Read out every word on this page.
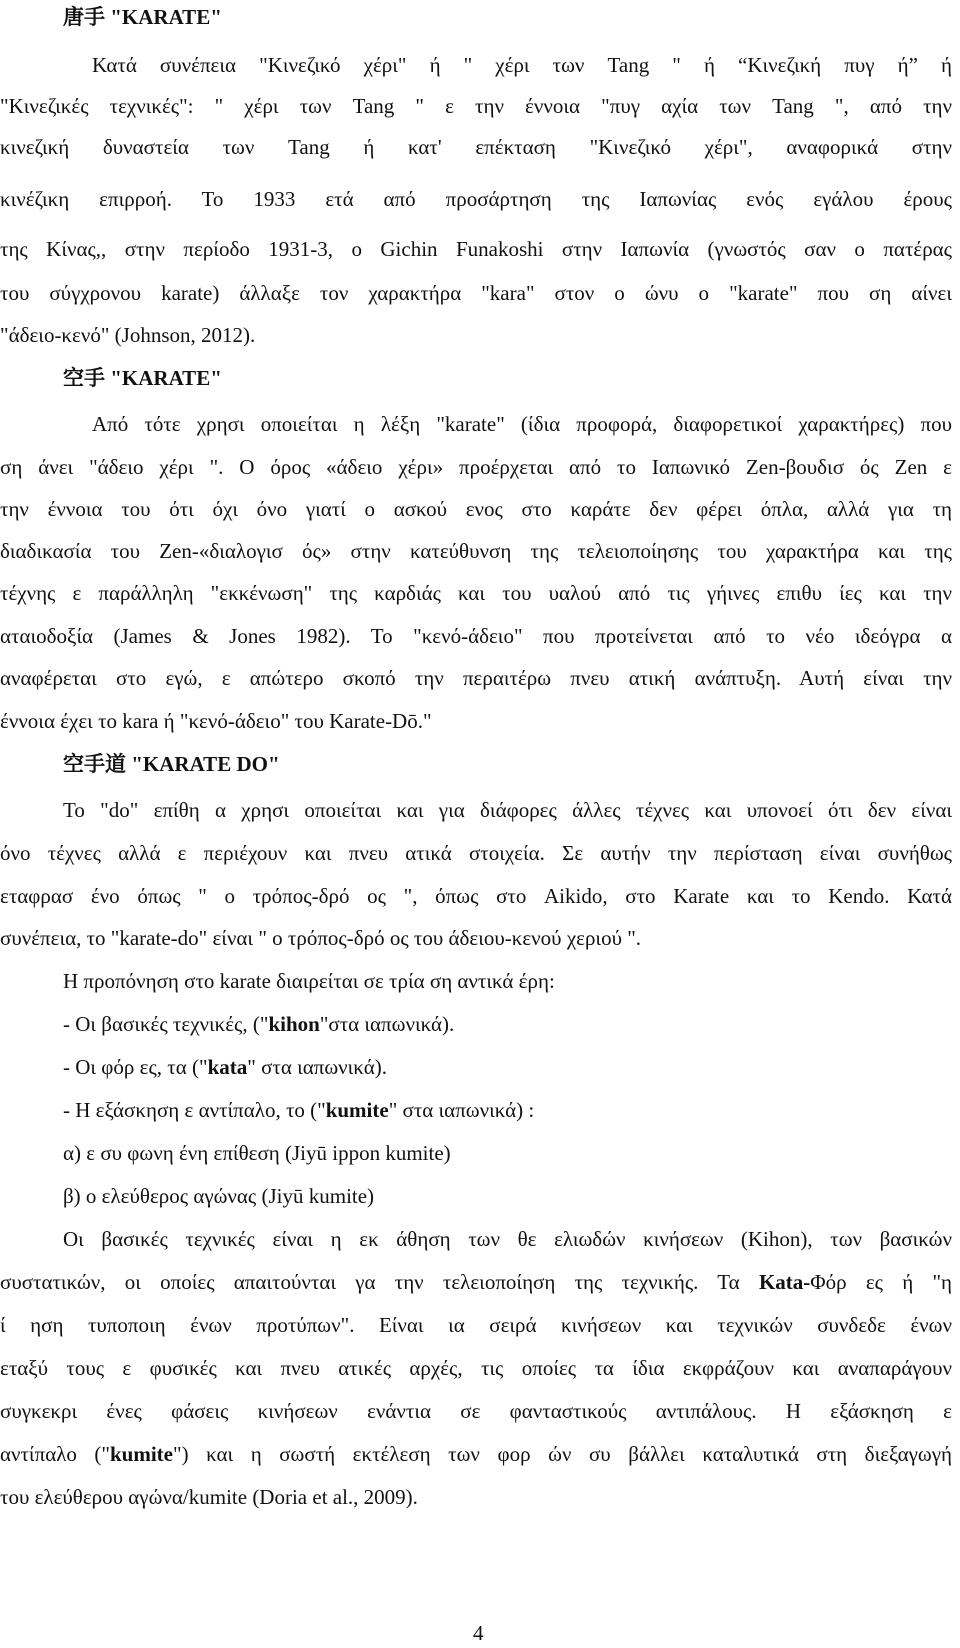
唐手 "KARATE"
Κατά συνέπεια "Κινεζικό χέρι" ή " χέρι των Tang " ή “Κινεζική πυγ ή” ή
"Κινεζικές τεχνικές": " χέρι των Tang " ε την έννοια "πυγ αχία των Tang ", από την
κινεζική δυναστεία των Tang ή κατ' επέκταση "Κινεζικό χέρι", αναφορικά στην
κινέζικη επιρροή. Το 1933 ετά από προσάρτηση της Ιαπωνίας ενός εγάλου έρους
της Κίνας,, στην περίοδο 1931-3, ο Gichin Funakoshi στην Ιαπωνία (γνωστός σαν ο πατέρας
του σύγχρονου karate) άλλαξε τον χαρακτήρα "kara" στον ο ώνυ ο "karate" που ση αίνει
"άδειο-κενό" (Johnson, 2012).
空手 "KARATE"
Από τότε χρησι οποιείται η λέξη "karate" (ίδια προφορά, διαφορετικοί χαρακτήρες) που
ση άνει "άδειο χέρι ". Ο όρος «άδειο χέρι» προέρχεται από το Ιαπωνικό Zen-βουδισ ός Zen ε
την έννοια του ότι όχι όνο γιατί ο ασκού ενος στο καράτε δεν φέρει όπλα, αλλά για τη
διαδικασία του Zen-«διαλογισ ός» στην κατεύθυνση της τελειοποίησης του χαρακτήρα και της
τέχνης ε παράλληλη "εκκένωση" της καρδιάς και του υαλού από τις γήινες επιθυ ίες και την
αταιοδοξία (James & Jones 1982). Το "κενό-άδειο" που προτείνεται από το νέο ιδεόγρα α
αναφέρεται στο εγώ, ε απώτερο σκοπό την περαιτέρω πνευ ατική ανάπτυξη. Αυτή είναι την
έννοια έχει το kara ή "κενό-άδειο" του Karate-Dō."
空手道 "KARATE DO"
Το "do" επίθη α χρησι οποιείται και για διάφορες άλλες τέχνες και υπονοεί ότι δεν είναι
όνο τέχνες αλλά ε περιέχουν και πνευ ατικά στοιχεία. Σε αυτήν την περίσταση είναι συνήθως
εταφρασ ένο όπως " ο τρόπος-δρό ος ", όπως στο Aikido, στο Karate και το Kendo. Κατά
συνέπεια, το "karate-do" είναι " ο τρόπος-δρό ος του άδειου-κενού χεριού ".
Η προπόνηση στο karate διαιρείται σε τρία ση αντικά έρη:
- Οι βασικές τεχνικές, ("kihon"στα ιαπωνικά).
- Οι φόρ ες, τα ("kata" στα ιαπωνικά).
- Η εξάσκηση ε αντίπαλο, το ("kumite" στα ιαπωνικά) :
α) ε συ φωνη ένη επίθεση (Jiyū ippon kumite)
β) ο ελεύθερος αγώνας (Jiyū kumite)
Οι βασικές τεχνικές είναι η εκ άθηση των θε ελιωδών κινήσεων (Kihon), των βασικών
συστατικών, οι οποίες απαιτούνται γα την τελειοποίηση της τεχνικής. Τα Kata-Φόρ ες ή "η
ί ηση τυποποιη ένων προτύπων". Είναι ια σειρά κινήσεων και τεχνικών συνδεδε ένων
εταξύ τους ε φυσικές και πνευ ατικές αρχές, τις οποίες τα ίδια εκφράζουν και αναπαράγουν
συγκεκρι ένες φάσεις κινήσεων ενάντια σε φανταστικούς αντιπάλους. Η εξάσκηση ε
αντίπαλο ("kumite") και η σωστή εκτέλεση των φορ ών συ βάλλει καταλυτικά στη διεξαγωγή
του ελεύθερου αγώνα/kumite (Doria et al., 2009).
4
